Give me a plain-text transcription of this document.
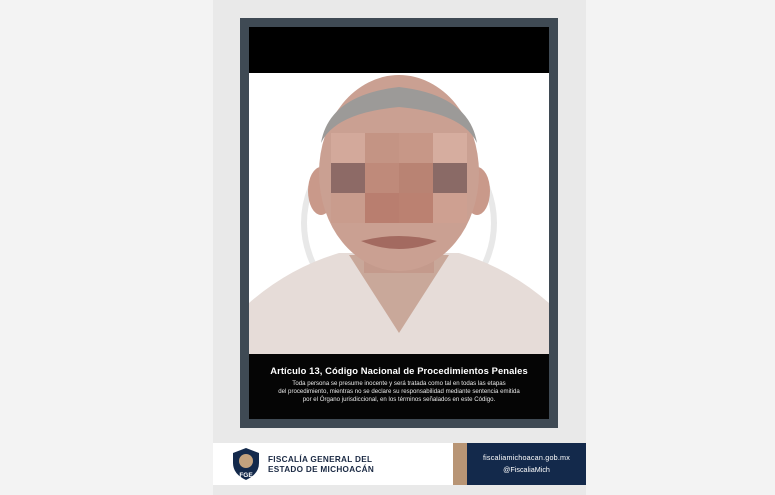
Artículo 13, Código Nacional de Procedimientos Penales
Toda persona se presume inocente y será tratada como tal en todas las etapas
del procedimiento, mientras no se declare su responsabilidad mediante sentencia emitida
por el Órgano jurisdiccional, en los términos señalados en este Código.
FGE
FISCALÍA GENERAL DEL
ESTADO DE MICHOACÁN
fiscaliamichoacan.gob.mx
@FiscaliaMich
